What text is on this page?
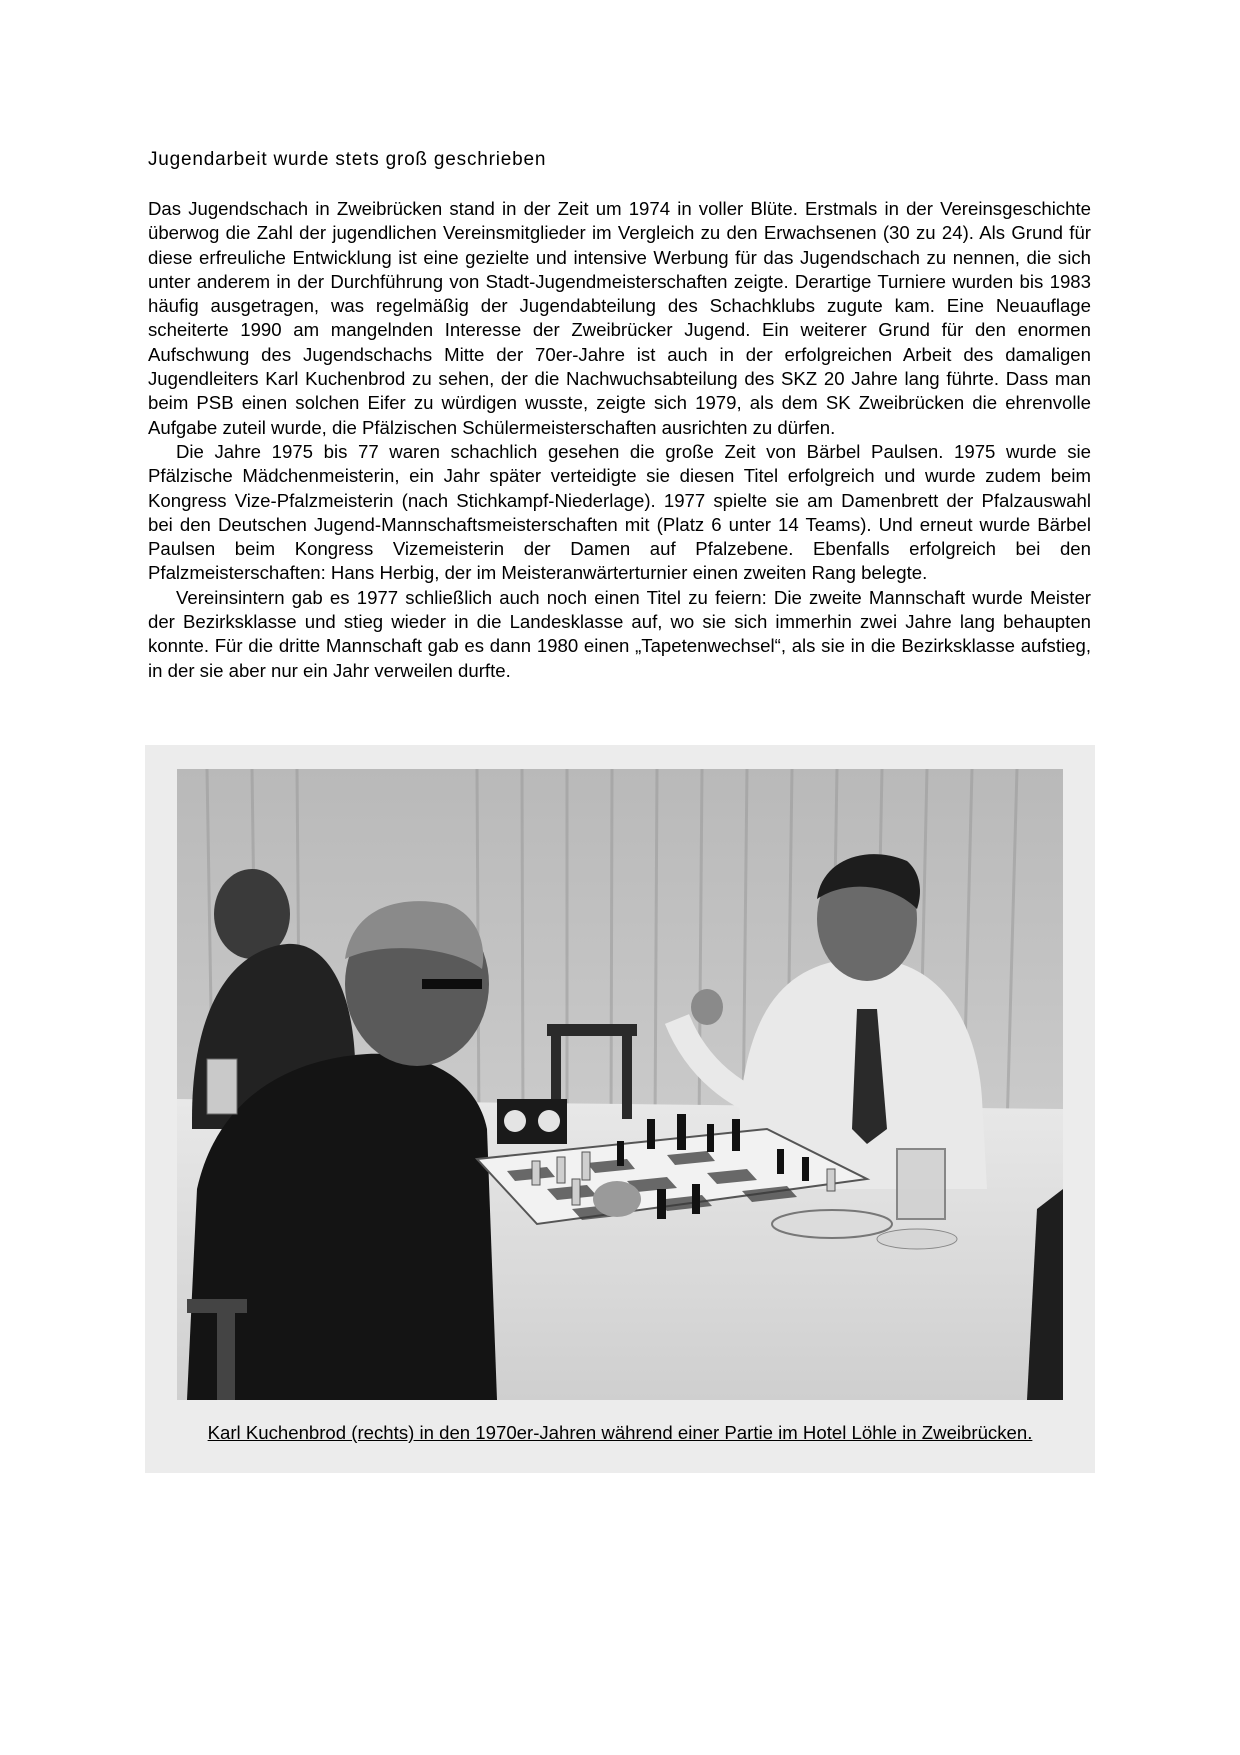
Jugendarbeit wurde stets groß geschrieben

Das Jugendschach in Zweibrücken stand in der Zeit um 1974 in voller Blüte. Erstmals in der Vereinsgeschichte überwog die Zahl der jugendlichen Vereinsmitglieder im Vergleich zu den Erwachsenen (30 zu 24). Als Grund für diese erfreuliche Entwicklung ist eine gezielte und intensive Werbung für das Jugendschach zu nennen, die sich unter anderem in der Durchführung von Stadt-Jugendmeisterschaften zeigte. Derartige Turniere wurden bis 1983 häufig ausgetragen, was regelmäßig der Jugendabteilung des Schachklubs zugute kam. Eine Neuauflage scheiterte 1990 am mangelnden Interesse der Zweibrücker Jugend. Ein weiterer Grund für den enormen Aufschwung des Jugendschachs Mitte der 70er-Jahre ist auch in der erfolgreichen Arbeit des damaligen Jugendleiters Karl Kuchenbrod zu sehen, der die Nachwuchsabteilung des SKZ 20 Jahre lang führte. Dass man beim PSB einen solchen Eifer zu würdigen wusste, zeigte sich 1979, als dem SK Zweibrücken die ehrenvolle Aufgabe zuteil wurde, die Pfälzischen Schülermeisterschaften ausrichten zu dürfen.

Die Jahre 1975 bis 77 waren schachlich gesehen die große Zeit von Bärbel Paulsen. 1975 wurde sie Pfälzische Mädchenmeisterin, ein Jahr später verteidigte sie diesen Titel erfolgreich und wurde zudem beim Kongress Vize-Pfalzmeisterin (nach Stichkampf-Niederlage). 1977 spielte sie am Damenbrett der Pfalzauswahl bei den Deutschen Jugend-Mannschaftsmeisterschaften mit (Platz 6 unter 14 Teams). Und erneut wurde Bärbel Paulsen beim Kongress Vizemeisterin der Damen auf Pfalzebene. Ebenfalls erfolgreich bei den Pfalzmeisterschaften: Hans Herbig, der im Meisteranwärterturnier einen zweiten Rang belegte.

Vereinsintern gab es 1977 schließlich auch noch einen Titel zu feiern: Die zweite Mannschaft wurde Meister der Bezirksklasse und stieg wieder in die Landesklasse auf, wo sie sich immerhin zwei Jahre lang behaupten konnte. Für die dritte Mannschaft gab es dann 1980 einen „Tapetenwechsel“, als sie in die Bezirksklasse aufstieg, in der sie aber nur ein Jahr verweilen durfte.

Karl Kuchenbrod (rechts) in den 1970er-Jahren während einer Partie im Hotel Löhle in Zweibrücken.
